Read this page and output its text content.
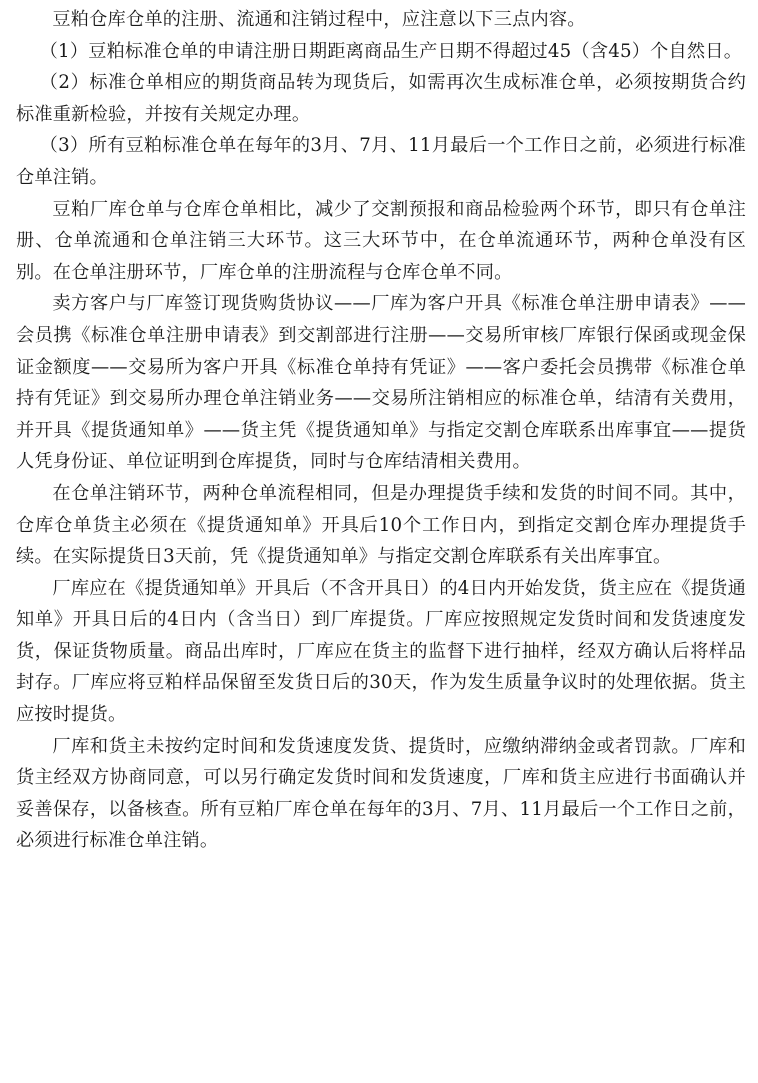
豆粕仓库仓单的注册、流通和注销过程中，应注意以下三点内容。

（1）豆粕标准仓单的申请注册日期距离商品生产日期不得超过45（含45）个自然日。

（2）标准仓单相应的期货商品转为现货后，如需再次生成标准仓单，必须按期货合约标准重新检验，并按有关规定办理。

（3）所有豆粕标准仓单在每年的3月、7月、11月最后一个工作日之前，必须进行标准仓单注销。

豆粕厂库仓单与仓库仓单相比，减少了交割预报和商品检验两个环节，即只有仓单注册、仓单流通和仓单注销三大环节。这三大环节中，在仓单流通环节，两种仓单没有区别。在仓单注册环节，厂库仓单的注册流程与仓库仓单不同。

卖方客户与厂库签订现货购货协议——厂库为客户开具《标准仓单注册申请表》——会员携《标准仓单注册申请表》到交割部进行注册——交易所审核厂库银行保函或现金保证金额度——交易所为客户开具《标准仓单持有凭证》——客户委托会员携带《标准仓单持有凭证》到交易所办理仓单注销业务——交易所注销相应的标准仓单，结清有关费用，并开具《提货通知单》——货主凭《提货通知单》与指定交割仓库联系出库事宜——提货人凭身份证、单位证明到仓库提货，同时与仓库结清相关费用。

在仓单注销环节，两种仓单流程相同，但是办理提货手续和发货的时间不同。其中，仓库仓单货主必须在《提货通知单》开具后10个工作日内，到指定交割仓库办理提货手续。在实际提货日3天前，凭《提货通知单》与指定交割仓库联系有关出库事宜。

厂库应在《提货通知单》开具后（不含开具日）的4日内开始发货，货主应在《提货通知单》开具日后的4日内（含当日）到厂库提货。厂库应按照规定发货时间和发货速度发货，保证货物质量。商品出库时，厂库应在货主的监督下进行抽样，经双方确认后将样品封存。厂库应将豆粕样品保留至发货日后的30天，作为发生质量争议时的处理依据。货主应按时提货。

厂库和货主未按约定时间和发货速度发货、提货时，应缴纳滞纳金或者罚款。厂库和货主经双方协商同意，可以另行确定发货时间和发货速度，厂库和货主应进行书面确认并妥善保存，以备核查。所有豆粕厂库仓单在每年的3月、7月、11月最后一个工作日之前，必须进行标准仓单注销。
